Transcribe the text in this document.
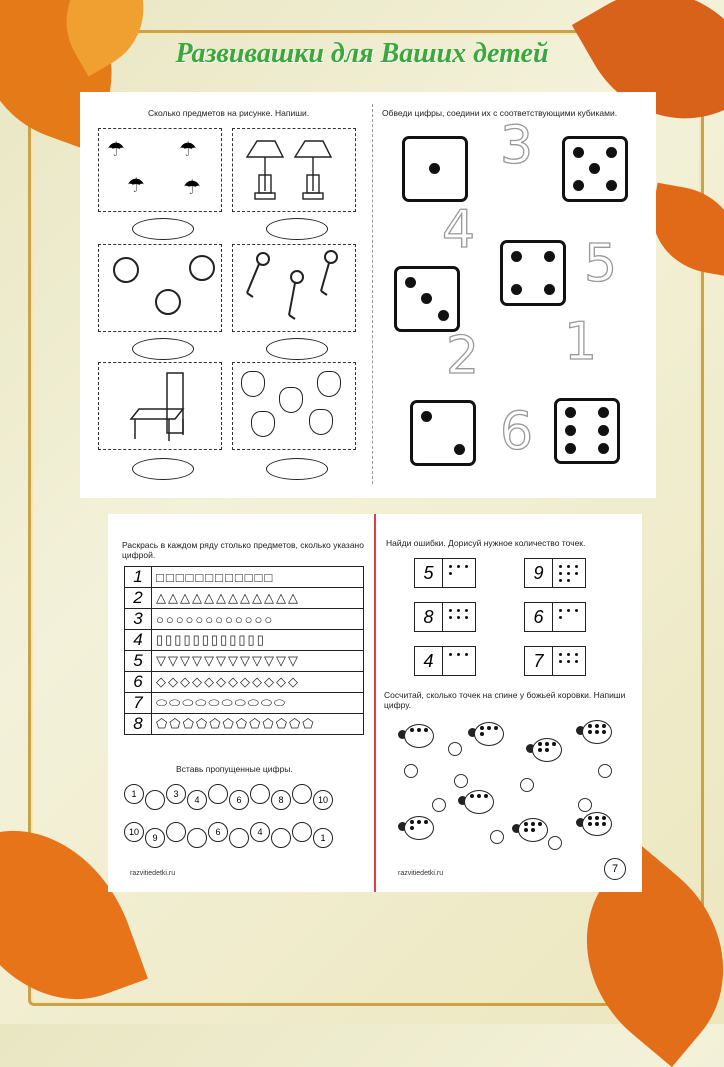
Развивашки для Ваших детей
Сколько предметов на рисунке. Напиши.	Обведи цифры, соедини их с соответствующими кубиками.
☂	☂
☂ ☂
3
4
5
2 1
6
Раскрась в каждом ряду столько предметов, сколько указано цифрой.
1	□□□□□□□□□□□□
2	△△△△△△△△△△△△
3	○○○○○○○○○○○○
4	▯▯▯▯▯▯▯▯▯▯▯▯
5	▽▽▽▽▽▽▽▽▽▽▽▽
6	◇◇◇◇◇◇◇◇◇◇◇◇
7	⬭⬭⬭⬭⬭⬭⬭⬭⬭⬭
8	⬠⬠⬠⬠⬠⬠⬠⬠⬠⬠⬠⬠
Вставь пропущенные цифры.
1	3
4	6	8	10
10
9
6	4
1
razvitiedetki.ru	razvitiedetki.ru
Найди ошибки. Дорисуй нужное количество точек.
5	9
8	6
4	7
Сосчитай, сколько точек на спине у божьей коровки. Напиши цифру.
7
